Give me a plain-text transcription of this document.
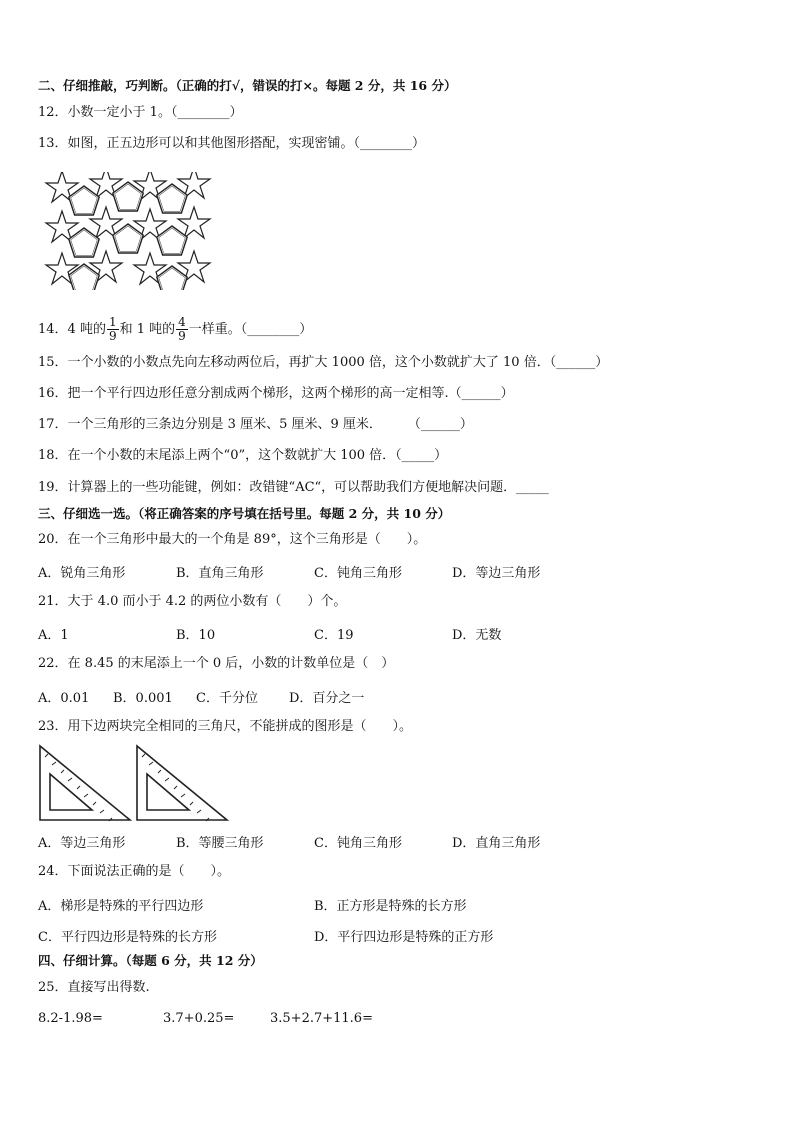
二、仔细推敲，巧判断。（正确的打√，错误的打×。每题 2 分，共 16 分）
12．小数一定小于 1。（________）
13．如图，正五边形可以和其他图形搭配，实现密铺。（________）
14．4 吨的 $\frac{1}{9}$ 和 1 吨的 $\frac{4}{9}$ 一样重。（________）
15．一个小数的小数点先向左移动两位后，再扩大 1000 倍，这个小数就扩大了 10 倍．（______）
16．把一个平行四边形任意分割成两个梯形，这两个梯形的高一定相等.（______）
17．一个三角形的三条边分别是 3 厘米、5 厘米、9 厘米．　　　（______）
18．在一个小数的末尾添上两个“0”，这个数就扩大 100 倍．（_____）
19．计算器上的一些功能键，例如：改错键“AC“，可以帮助我们方便地解决问题．_____
三、仔细选一选。（将正确答案的序号填在括号里。每题 2 分，共 10 分）
20．在一个三角形中最大的一个角是 89°，这个三角形是（　　）。
A．锐角三角形	B．直角三角形	C．钝角三角形	D．等边三角形
21．大于 4.0 而小于 4.2 的两位小数有（　　）个。
A．1	B．10	C．19	D．无数
22．在 8.45 的末尾添上一个 0 后，小数的计数单位是（　）
A．0.01 B．0.001 C．千分位 D．百分之一
23．用下边两块完全相同的三角尺，不能拼成的图形是（　　）。
A．等边三角形	B．等腰三角形	C．钝角三角形	D．直角三角形
24．下面说法正确的是（　　）。
A．梯形是特殊的平行四边形	B．正方形是特殊的长方形
C．平行四边形是特殊的长方形	D．平行四边形是特殊的正方形
四、仔细计算。（每题 6 分，共 12 分）
25．直接写出得数.
8.2-1.98=	3.7+0.25=	3.5+2.7+11.6=
